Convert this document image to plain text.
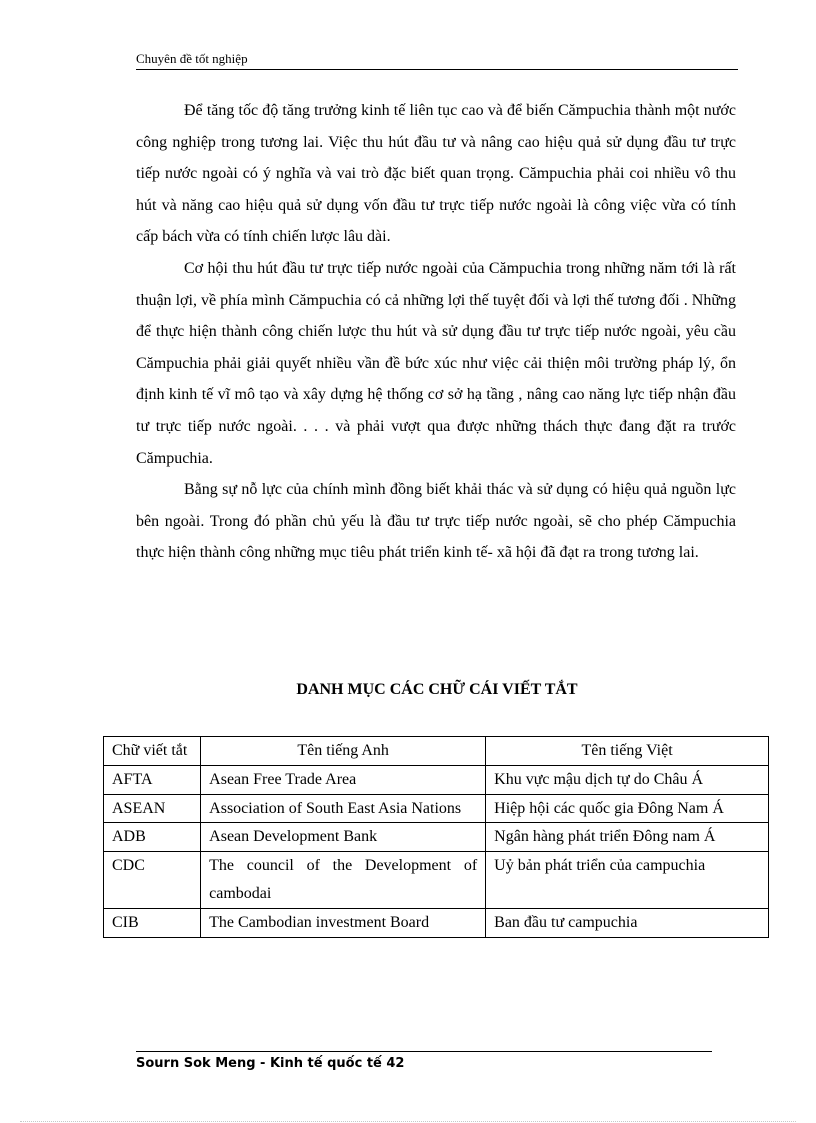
Chuyên đề tốt nghiệp

Để tăng tốc độ tăng trưởng kinh tế liên tục cao và để biến Cămpuchia thành một nước công nghiệp trong tương lai. Việc thu hút đầu tư và nâng cao hiệu quả sử dụng đầu tư trực tiếp nước ngoài có ý nghĩa và vai trò đặc biết quan trọng. Cămpuchia phải coi nhiều vô thu hút và năng cao hiệu quả sử dụng vốn đầu tư trực tiếp nước ngoài là công việc vừa có tính cấp bách vừa có tính chiến lược lâu dài.

Cơ hội thu hút đầu tư trực tiếp nước ngoài của Cămpuchia trong những năm tới là rất thuận lợi, về phía mình Cămpuchia có cả những lợi thế tuyệt đối và lợi thế tương đối . Những để thực hiện thành công chiến lược thu hút và sử dụng đầu tư trực tiếp nước ngoài, yêu cầu Cămpuchia phải giải quyết nhiều vần đề bức xúc như việc cải thiện môi trường pháp lý, ổn định kinh tế vĩ mô tạo và xây dựng hệ thống cơ sở hạ tầng , nâng cao năng lực tiếp nhận đầu tư trực tiếp nước ngoài. . . . và phải vượt qua được những thách thực đang đặt ra trước Cămpuchia.

Bằng sự nỗ lực của chính mình đồng biết khải thác và sử dụng có hiệu quả nguồn lực bên ngoài. Trong đó phần chủ yếu là đầu tư trực tiếp nước ngoài, sẽ cho phép Cămpuchia thực hiện thành công những mục tiêu phát triển kinh tế- xã hội đã đạt ra trong tương lai.

DANH MỤC CÁC CHỮ CÁI VIẾT TẮT
Chữ viết tắt	Tên tiếng Anh	Tên tiếng Việt
AFTA	Asean Free Trade Area	Khu vực mậu dịch tự do Châu Á
ASEAN	Association of South East Asia Nations	Hiệp hội các quốc gia Đông Nam Á
ADB	Asean Development Bank	Ngân hàng phát triển Đông nam Á
CDC	The council of the Development of cambodai	Uỷ bản phát triển của campuchia
CIB	The Cambodian investment Board	Ban đầu tư campuchia
Sourn Sok Meng - Kinh tế quốc tế 42
